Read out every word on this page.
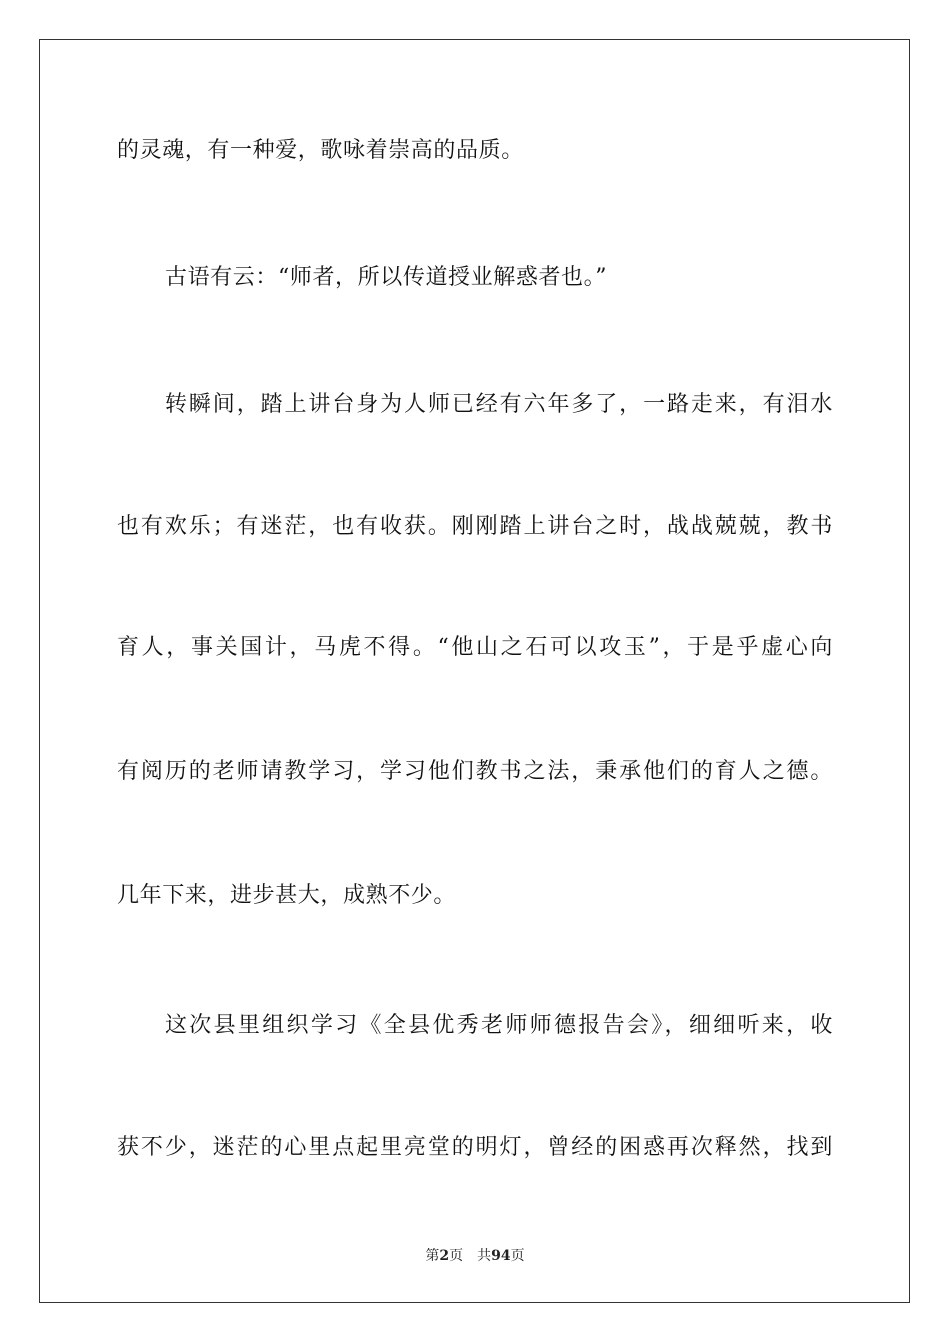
的灵魂，有一种爱，歌咏着崇高的品质。
古语有云：“师者，所以传道授业解惑者也。”
转瞬间，踏上讲台身为人师已经有六年多了，一路走来，有泪水
也有欢乐；有迷茫，也有收获。刚刚踏上讲台之时，战战兢兢，教书
育人，事关国计，马虎不得。“他山之石可以攻玉”，于是乎虚心向
有阅历的老师请教学习，学习他们教书之法，秉承他们的育人之德。
几年下来，进步甚大，成熟不少。
这次县里组织学习《全县优秀老师师德报告会》，细细听来，收
获不少，迷茫的心里点起里亮堂的明灯，曾经的困惑再次释然，找到
第2页 共94页
